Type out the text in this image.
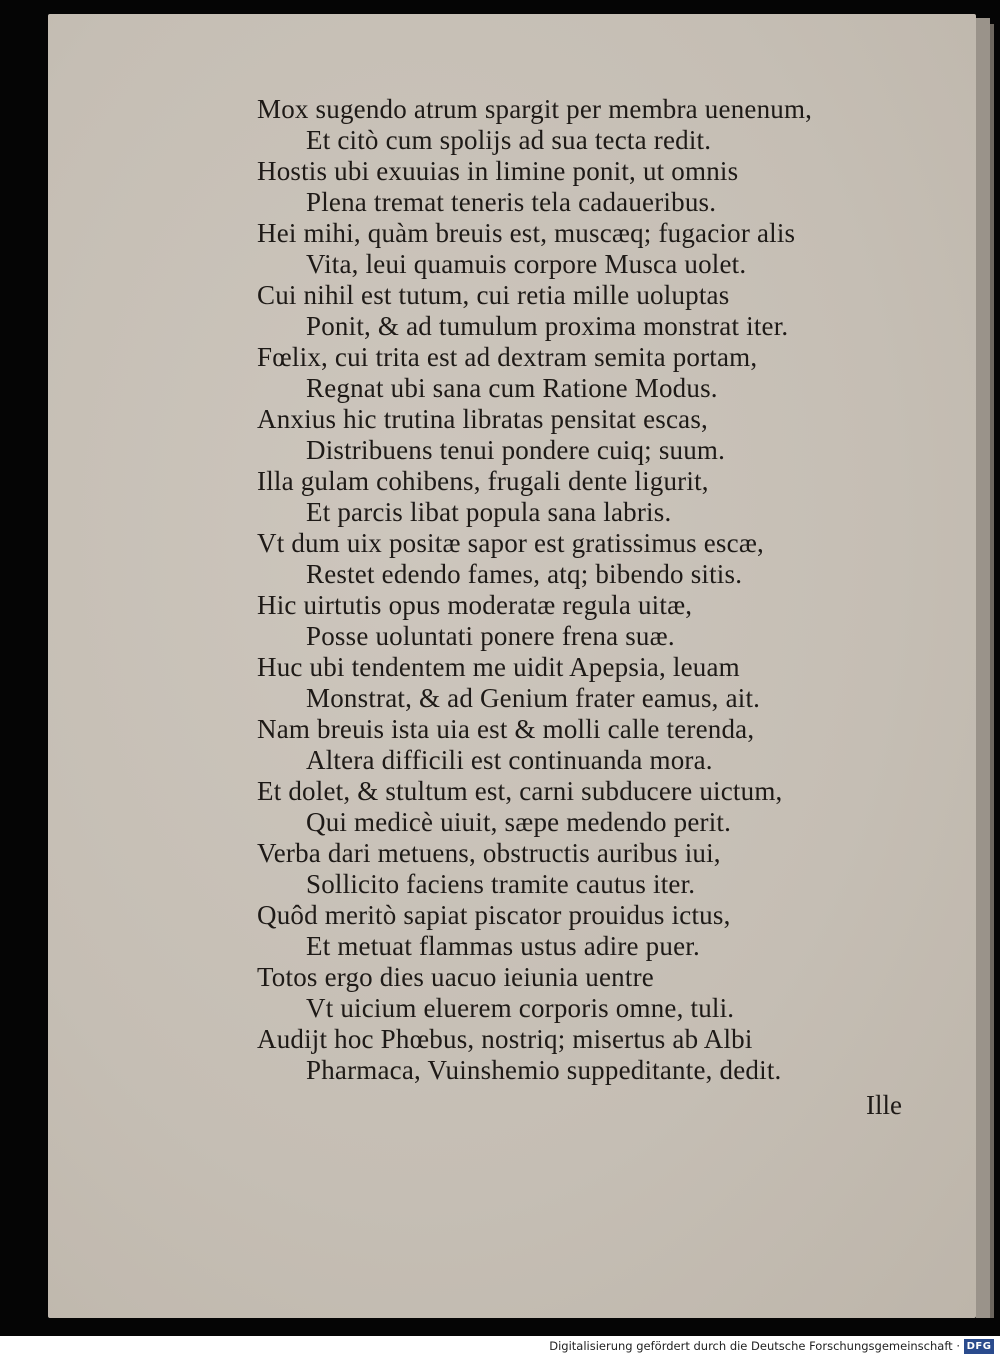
Mox sugendo atrum spargit per membra uenenum,
Et citò cum spolijs ad sua tecta redit.
Hostis ubi exuuias in limine ponit, ut omnis
Plena tremat teneris tela cadaueribus.
Hei mihi, quàm breuis est, muscæq; fugacior alis
Vita, leui quamuis corpore Musca uolet.
Cui nihil est tutum, cui retia mille uoluptas
Ponit, & ad tumulum proxima monstrat iter.
Fœlix, cui trita est ad dextram semita portam,
Regnat ubi sana cum Ratione Modus.
Anxius hic trutina libratas pensitat escas,
Distribuens tenui pondere cuiq; suum.
Illa gulam cohibens, frugali dente ligurit,
Et parcis libat popula sana labris.
Vt dum uix positæ sapor est gratissimus escæ,
Restet edendo fames, atq; bibendo sitis.
Hic uirtutis opus moderatæ regula uitæ,
Posse uoluntati ponere frena suæ.
Huc ubi tendentem me uidit Apepsia, leuam
Monstrat, & ad Genium frater eamus, ait.
Nam breuis ista uia est & molli calle terenda,
Altera difficili est continuanda mora.
Et dolet, & stultum est, carni subducere uictum,
Qui medicè uiuit, sæpe medendo perit.
Verba dari metuens, obstructis auribus iui,
Sollicito faciens tramite cautus iter.
Quôd meritò sapiat piscator prouidus ictus,
Et metuat flammas ustus adire puer.
Totos ergo dies uacuo ieiunia uentre
Vt uicium eluerem corporis omne, tuli.
Audijt hoc Phœbus, nostriq; misertus ab Albi
Pharmaca, Vuinshemio suppeditante, dedit.
Ille
Digitalisierung gefördert durch die Deutsche Forschungsgemeinschaft · DFG
